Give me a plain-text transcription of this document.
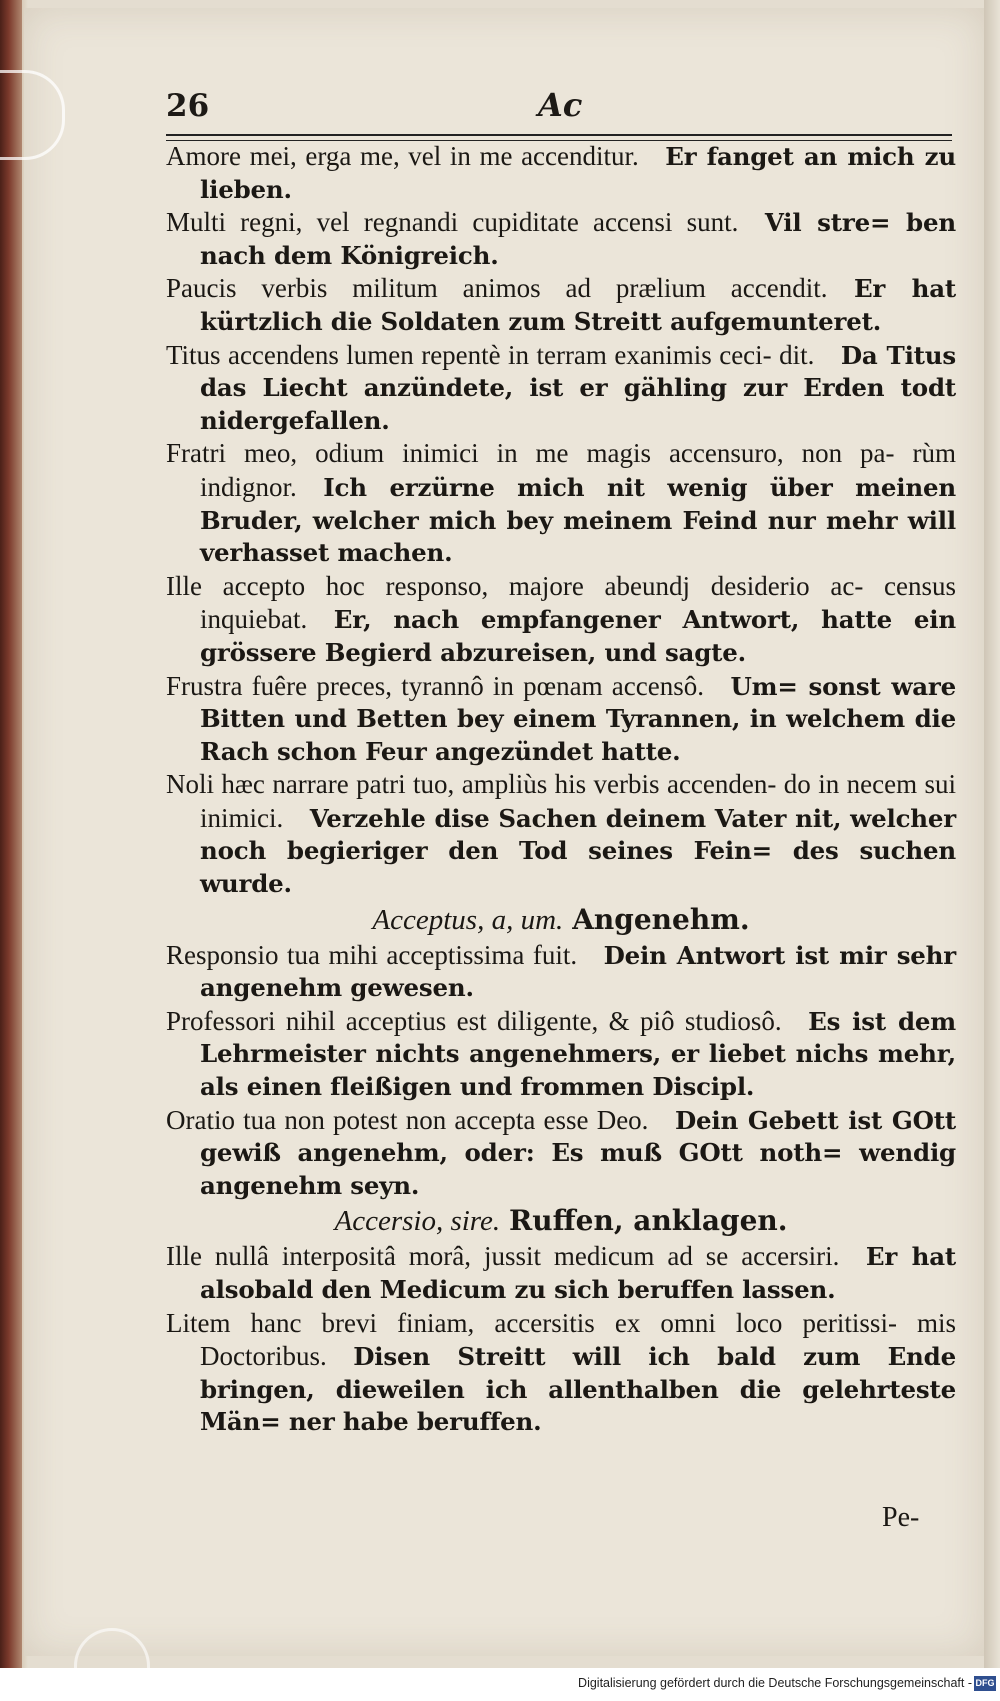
26	Ac

Amore mei, erga me, vel in me accenditur.  Er fanget an mich zu lieben.

Multi regni, vel regnandi cupiditate accensi sunt.  Vil stre= ben nach dem Königreich.

Paucis verbis militum animos ad prælium accendit.  Er hat kürtzlich die Soldaten zum Streitt aufgemunteret.

Titus accendens lumen repentè in terram exanimis ceci- dit.  Da Titus das Liecht anzündete, ist er gähling zur Erden todt nidergefallen.

Fratri meo, odium inimici in me magis accensuro, non pa- rùm indignor.  Ich erzürne mich nit wenig über meinen Bruder, welcher mich bey meinem Feind nur mehr will verhasset machen.

Ille accepto hoc responso, majore abeundj desiderio ac- census inquiebat.  Er, nach empfangener Antwort, hatte ein grössere Begierd abzureisen, und sagte.

Frustra fuêre preces, tyrannô in pœnam accensô.  Um= sonst ware Bitten und Betten bey einem Tyrannen, in welchem die Rach schon Feur angezündet hatte.

Noli hæc narrare patri tuo, ampliùs his verbis accenden- do in necem sui inimici.  Verzehle dise Sachen deinem Vater nit, welcher noch begieriger den Tod seines Fein= des suchen wurde.

Acceptus, a, um. Angenehm.

Responsio tua mihi acceptissima fuit.  Dein Antwort ist mir sehr angenehm gewesen.

Professori nihil acceptius est diligente, & piô studiosô.  Es ist dem Lehrmeister nichts angenehmers, er liebet nichs mehr, als einen fleißigen und frommen Discipl.

Oratio tua non potest non accepta esse Deo.  Dein Gebett ist GOtt gewiß angenehm, oder: Es muß GOtt noth= wendig angenehm seyn.

Accersio, sire. Ruffen, anklagen.

Ille nullâ interpositâ morâ, jussit medicum ad se accersiri.  Er hat alsobald den Medicum zu sich beruffen lassen.

Litem hanc brevi finiam, accersitis ex omni loco peritissi- mis Doctoribus.  Disen Streitt will ich bald zum Ende bringen, dieweilen ich allenthalben die gelehrteste Män= ner habe beruffen.

Pe-
Digitalisierung gefördert durch die Deutsche Forschungsgemeinschaft - DFG
